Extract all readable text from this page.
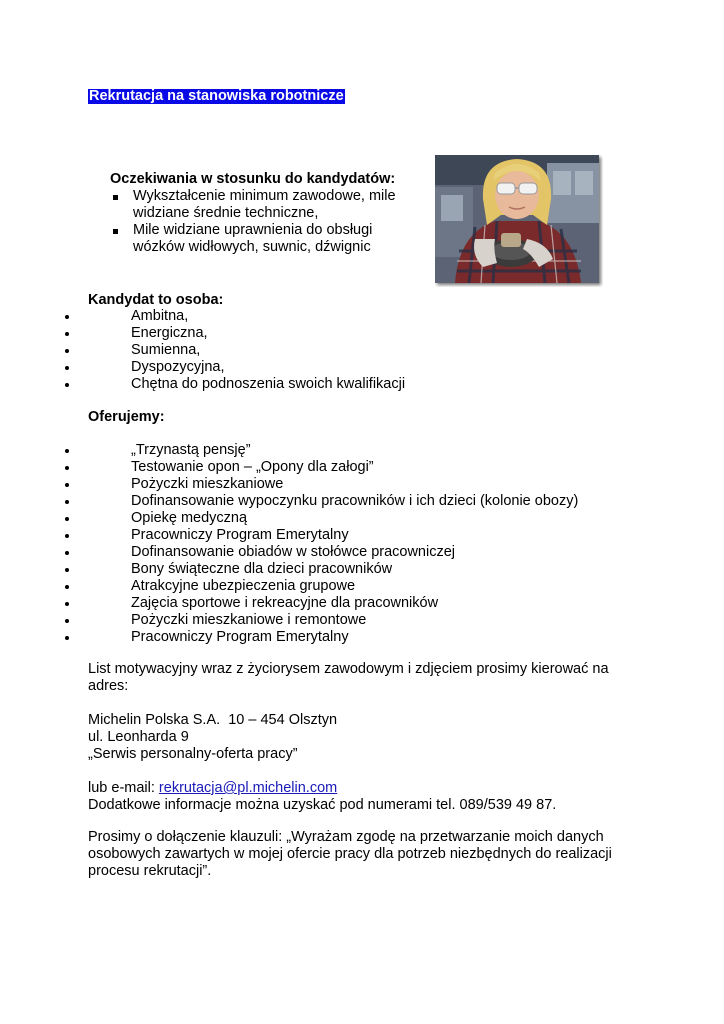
Rekrutacja na stanowiska robotnicze
Oczekiwania w stosunku do kandydatów:
Wykształcenie minimum zawodowe, mile widziane średnie techniczne,
Mile widziane uprawnienia do obsługi wózków widłowych, suwnic, dźwignic
Kandydat to osoba:
Ambitna,
Energiczna,
Sumienna,
Dyspozycyjna,
Chętna do podnoszenia swoich kwalifikacji
Oferujemy:
„Trzynastą pensję”
Testowanie opon – „Opony dla załogi”
Pożyczki mieszkaniowe
Dofinansowanie wypoczynku pracowników i ich dzieci (kolonie obozy)
Opiekę medyczną
Pracowniczy Program Emerytalny
Dofinansowanie obiadów w stołówce pracowniczej
Bony świąteczne dla dzieci pracowników
Atrakcyjne ubezpieczenia grupowe
Zajęcia sportowe i rekreacyjne dla pracowników
Pożyczki mieszkaniowe i remontowe
Pracowniczy Program Emerytalny
List motywacyjny wraz z życiorysem zawodowym i zdjęciem prosimy kierować na adres:
Michelin Polska S.A.  10 – 454 Olsztyn
ul. Leonharda 9
„Serwis personalny-oferta pracy”
lub e-mail: rekrutacja@pl.michelin.com
Dodatkowe informacje można uzyskać pod numerami tel. 089/539 49 87.
Prosimy o dołączenie klauzuli: „Wyrażam zgodę na przetwarzanie moich danych osobowych zawartych w mojej ofercie pracy dla potrzeb niezbędnych do realizacji procesu rekrutacji”.
